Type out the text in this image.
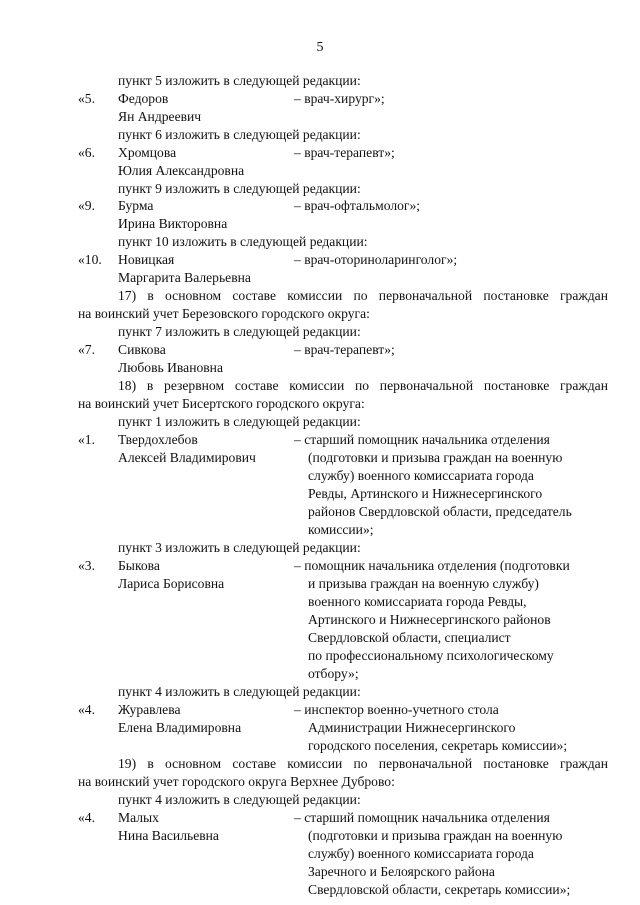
5
пункт 5 изложить в следующей редакции:
«5. Федоров	– врач-хирург»;
Ян Андреевич
пункт 6 изложить в следующей редакции:
«6. Хромцова	– врач-терапевт»;
Юлия Александровна
пункт 9 изложить в следующей редакции:
«9. Бурма	– врач-офтальмолог»;
Ирина Викторовна
пункт 10 изложить в следующей редакции:
«10. Новицкая	– врач-оториноларинголог»;
Маргарита Валерьевна
17) в основном составе комиссии по первоначальной постановке граждан
на воинский учет Березовского городского округа:
пункт 7 изложить в следующей редакции:
«7. Сивкова	– врач-терапевт»;
Любовь Ивановна
18) в резервном составе комиссии по первоначальной постановке граждан
на воинский учет Бисертского городского округа:
пункт 1 изложить в следующей редакции:
«1. Твердохлебов	– старший помощник начальника отделения
Алексей Владимирович	(подготовки и призыва граждан на военную
службу) военного комиссариата города
Ревды, Артинского и Нижнесергинского
районов Свердловской области, председатель
комиссии»;
пункт 3 изложить в следующей редакции:
«3. Быкова	– помощник начальника отделения (подготовки
Лариса Борисовна	и призыва граждан на военную службу)
военного комиссариата города Ревды,
Артинского и Нижнесергинского районов
Свердловской области, специалист
по профессиональному психологическому
отбору»;
пункт 4 изложить в следующей редакции:
«4. Журавлева	– инспектор военно-учетного стола
Елена Владимировна	Администрации Нижнесергинского
городского поселения, секретарь комиссии»;
19) в основном составе комиссии по первоначальной постановке граждан
на воинский учет городского округа Верхнее Дуброво:
пункт 4 изложить в следующей редакции:
«4. Малых	– старший помощник начальника отделения
Нина Васильевна	(подготовки и призыва граждан на военную
службу) военного комиссариата города
Заречного и Белоярского района
Свердловской области, секретарь комиссии»;
